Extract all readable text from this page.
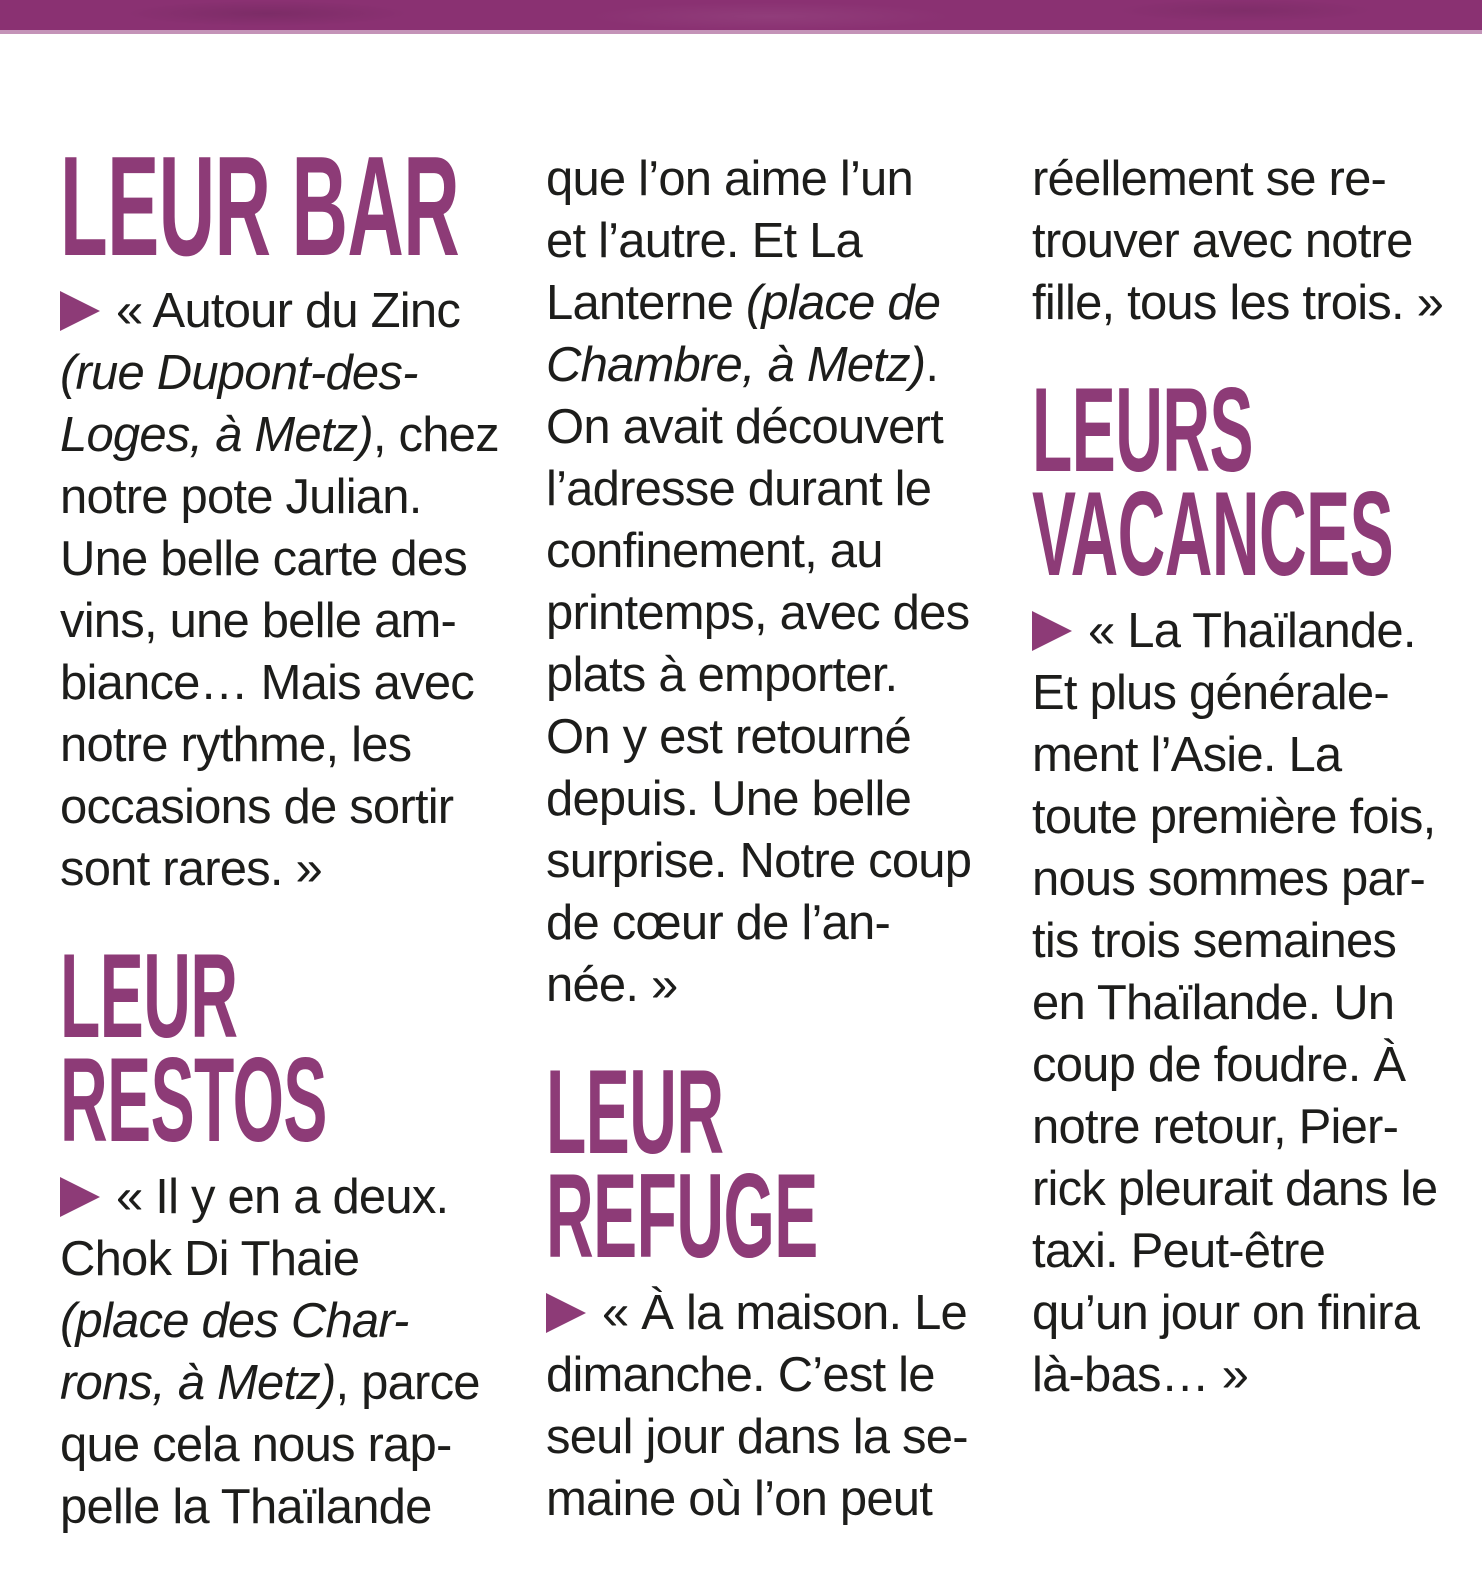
LEUR BAR

« Autour du Zinc
(rue Dupont-des-
Loges, à Metz), chez
notre pote Julian.
Une belle carte des
vins, une belle am-
biance… Mais avec
notre rythme, les
occasions de sortir
sont rares. »

LEUR
RESTOS

« Il y en a deux.
Chok Di Thaie
(place des Char-
rons, à Metz), parce
que cela nous rap-
pelle la Thaïlande

que l’on aime l’un
et l’autre. Et La
Lanterne (place de
Chambre, à Metz).
On avait découvert
l’adresse durant le
confinement, au
printemps, avec des
plats à emporter.
On y est retourné
depuis. Une belle
surprise. Notre coup
de cœur de l’an-
née. »

LEUR
REFUGE

« À la maison. Le
dimanche. C’est le
seul jour dans la se-
maine où l’on peut

réellement se re-
trouver avec notre
fille, tous les trois. »

LEURS
VACANCES

« La Thaïlande.
Et plus générale-
ment l’Asie. La
toute première fois,
nous sommes par-
tis trois semaines
en Thaïlande. Un
coup de foudre. À
notre retour, Pier-
rick pleurait dans le
taxi. Peut-être
qu’un jour on finira
là-bas… »
